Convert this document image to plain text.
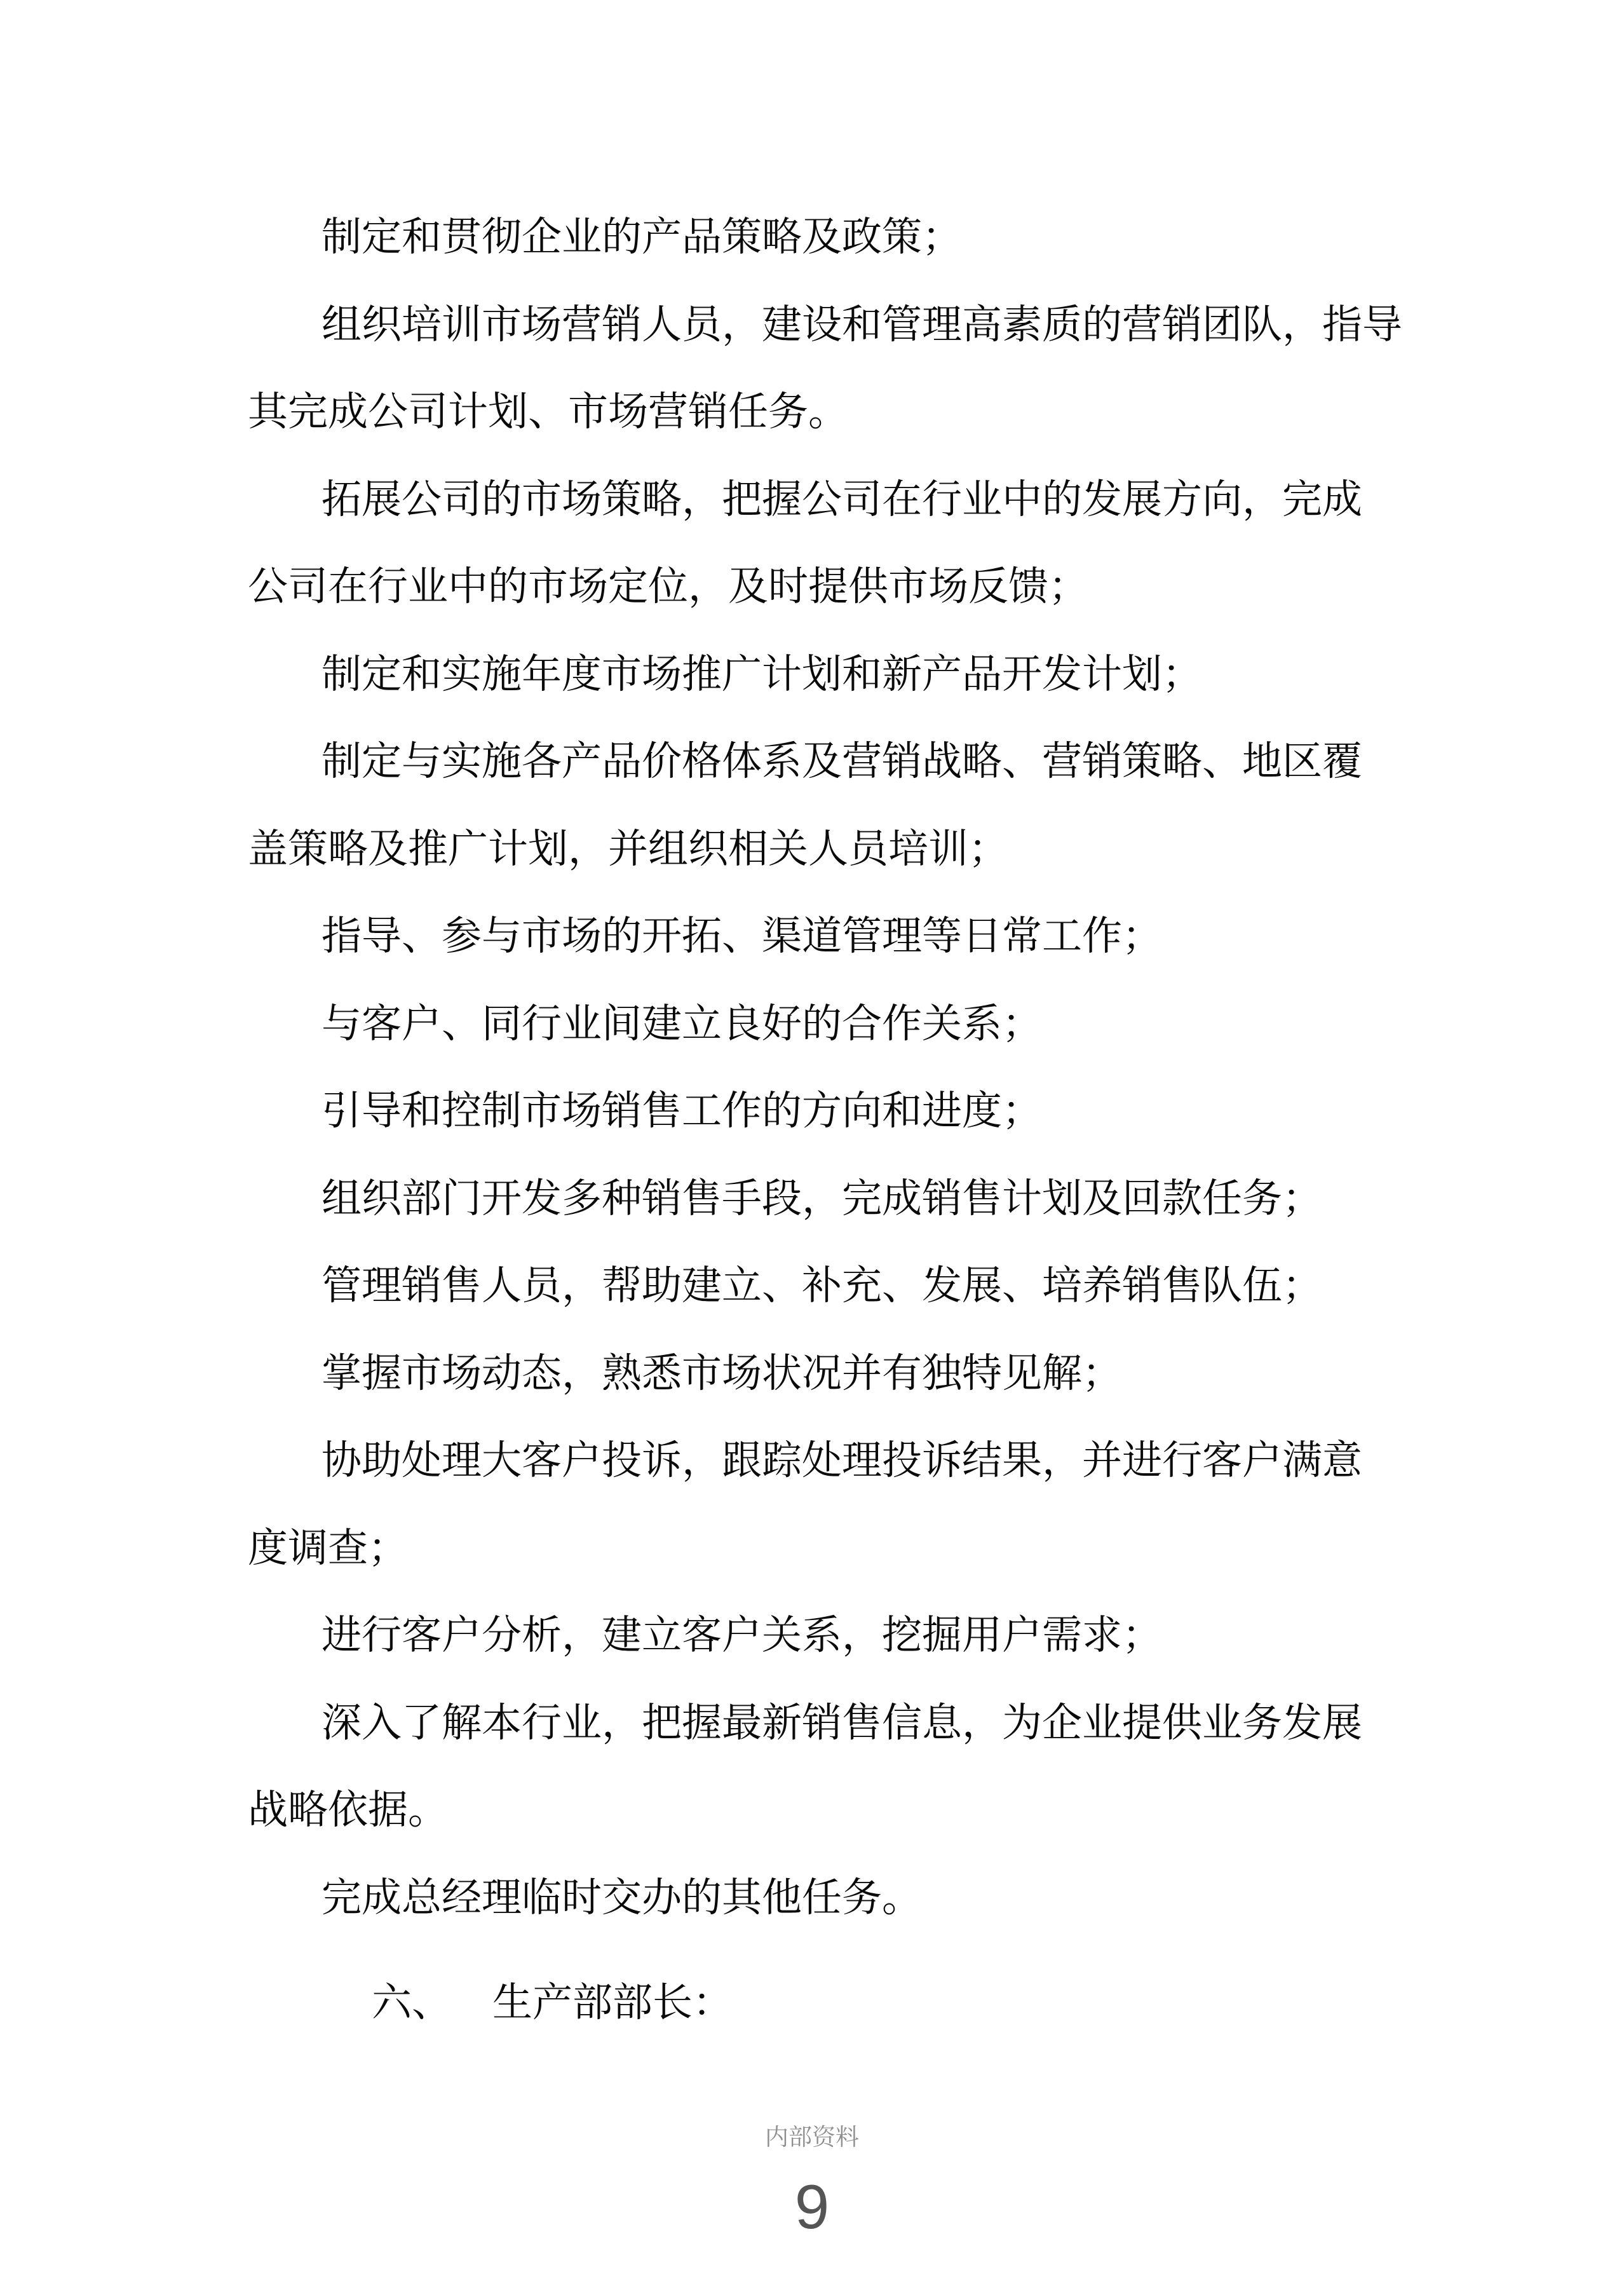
制定和贯彻企业的产品策略及政策；
组织培训市场营销人员，建设和管理高素质的营销团队，指导
其完成公司计划、市场营销任务。
拓展公司的市场策略，把握公司在行业中的发展方向，完成
公司在行业中的市场定位，及时提供市场反馈；
制定和实施年度市场推广计划和新产品开发计划；
制定与实施各产品价格体系及营销战略、营销策略、地区覆
盖策略及推广计划，并组织相关人员培训；
指导、参与市场的开拓、渠道管理等日常工作；
与客户、同行业间建立良好的合作关系；
引导和控制市场销售工作的方向和进度；
组织部门开发多种销售手段，完成销售计划及回款任务；
管理销售人员，帮助建立、补充、发展、培养销售队伍；
掌握市场动态，熟悉市场状况并有独特见解；
协助处理大客户投诉，跟踪处理投诉结果，并进行客户满意
度调查；
进行客户分析，建立客户关系，挖掘用户需求；
深入了解本行业，把握最新销售信息，为企业提供业务发展
战略依据。
完成总经理临时交办的其他任务。
六、 生产部部长：
内部资料
9
